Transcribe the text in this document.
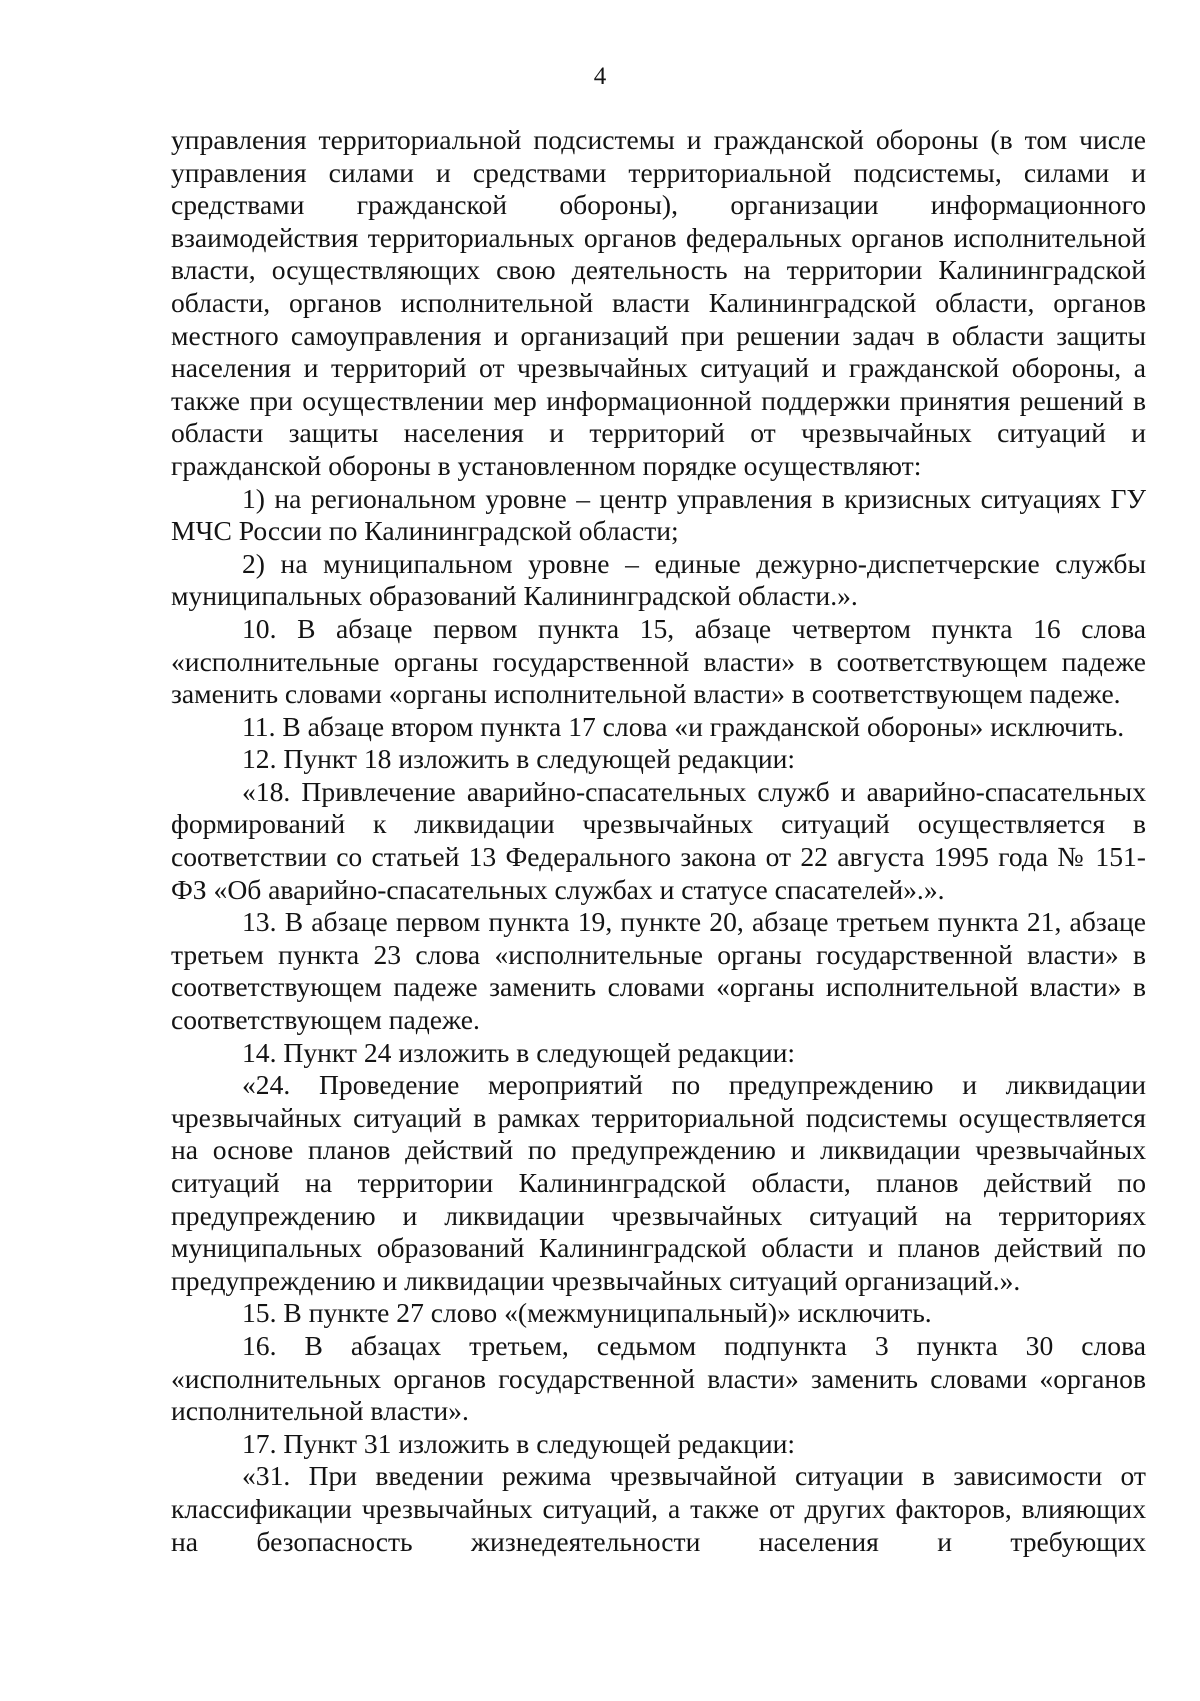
4

управления территориальной подсистемы и гражданской обороны (в том числе управления силами и средствами территориальной подсистемы, силами и средствами гражданской обороны), организации информационного взаимодействия территориальных органов федеральных органов исполнительной власти, осуществляющих свою деятельность на территории Калининградской области, органов исполнительной власти Калининградской области, органов местного самоуправления и организаций при решении задач в области защиты населения и территорий от чрезвычайных ситуаций и гражданской обороны, а также при осуществлении мер информационной поддержки принятия решений в области защиты населения и территорий от чрезвычайных ситуаций и гражданской обороны в установленном порядке осуществляют:

1) на региональном уровне – центр управления в кризисных ситуациях ГУ МЧС России по Калининградской области;

2) на муниципальном уровне – единые дежурно-диспетчерские службы муниципальных образований Калининградской области.».

10. В абзаце первом пункта 15, абзаце четвертом пункта 16 слова «исполнительные органы государственной власти» в соответствующем падеже заменить словами «органы исполнительной власти» в соответствующем падеже.

11. В абзаце втором пункта 17 слова «и гражданской обороны» исключить.

12. Пункт 18 изложить в следующей редакции:

«18. Привлечение аварийно-спасательных служб и аварийно-спасательных формирований к ликвидации чрезвычайных ситуаций осуществляется в соответствии со статьей 13 Федерального закона от 22 августа 1995 года № 151-ФЗ «Об аварийно-спасательных службах и статусе спасателей».».

13. В абзаце первом пункта 19, пункте 20, абзаце третьем пункта 21, абзаце третьем пункта 23 слова «исполнительные органы государственной власти» в соответствующем падеже заменить словами «органы исполнительной власти» в соответствующем падеже.

14. Пункт 24 изложить в следующей редакции:

«24. Проведение мероприятий по предупреждению и ликвидации чрезвычайных ситуаций в рамках территориальной подсистемы осуществляется на основе планов действий по предупреждению и ликвидации чрезвычайных ситуаций на территории Калининградской области, планов действий по предупреждению и ликвидации чрезвычайных ситуаций на территориях муниципальных образований Калининградской области и планов действий по предупреждению и ликвидации чрезвычайных ситуаций организаций.».

15. В пункте 27 слово «(межмуниципальный)» исключить.

16. В абзацах третьем, седьмом подпункта 3 пункта 30 слова «исполнительных органов государственной власти» заменить словами «органов исполнительной власти».

17. Пункт 31 изложить в следующей редакции:

«31. При введении режима чрезвычайной ситуации в зависимости от классификации чрезвычайных ситуаций, а также от других факторов, влияющих на безопасность жизнедеятельности населения и требующих
